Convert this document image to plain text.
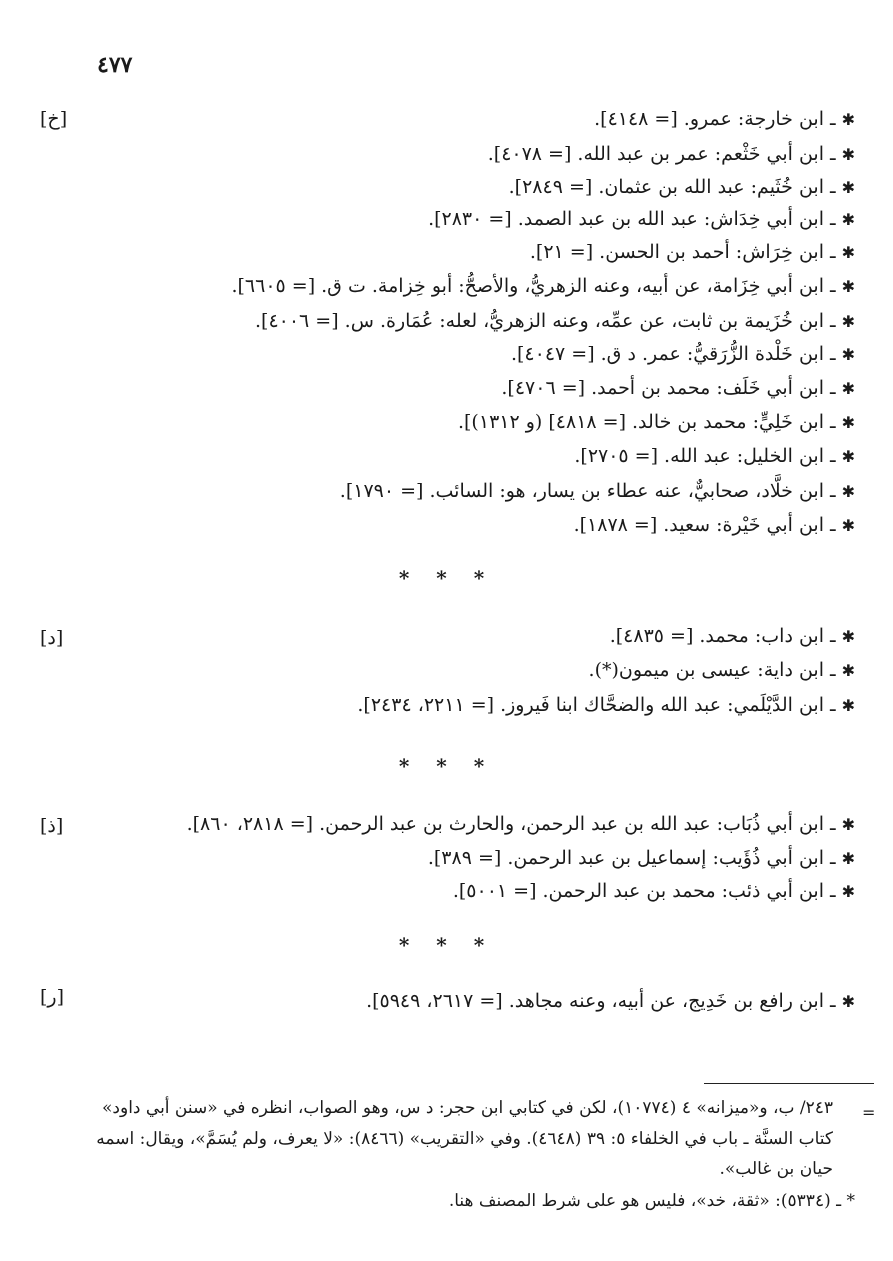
٤٧٧
[خ]	✱ـ ابن خارجة: عمرو. [= ٤١٤٨].
✱ـ ابن أبي خَثْعم: عمر بن عبد الله. [= ٤٠٧٨].
✱ـ ابن خُثَيم: عبد الله بن عثمان. [= ٢٨٤٩].
✱ـ ابن أبي خِدَاش: عبد الله بن عبد الصمد. [= ٢٨٣٠].
✱ـ ابن خِرَاش: أحمد بن الحسن. [= ٢١].
✱ـ ابن أبي خِزَامة، عن أبيه، وعنه الزهريُّ، والأصحُّ: أبو خِزامة. ت ق. [= ٦٦٠٥].
✱ـ ابن خُزَيمة بن ثابت، عن عمِّه، وعنه الزهريُّ، لعله: عُمَارة. س. [= ٤٠٠٦].
✱ـ ابن خَلْدة الزُّرَقيُّ: عمر. د ق. [= ٤٠٤٧].
✱ـ ابن أبي خَلَف: محمد بن أحمد. [= ٤٧٠٦].
✱ـ ابن خَلِيٍّ: محمد بن خالد. [= ٤٨١٨] (و ١٣١٢)].
✱ـ ابن الخليل: عبد الله. [= ٢٧٠٥].
✱ـ ابن خلَّاد، صحابيٌّ، عنه عطاء بن يسار، هو: السائب. [= ١٧٩٠].
✱ـ ابن أبي خَيْرة: سعيد. [= ١٨٧٨].
* * *
[د]	✱ـ ابن داب: محمد. [= ٤٨٣٥].
✱ـ ابن داية: عيسى بن ميمون(*).
✱ـ ابن الدَّيْلَمي: عبد الله والضحَّاك ابنا فَيروز. [= ٢٢١١، ٢٤٣٤].
* * *
[ذ]	✱ـ ابن أبي ذُبَاب: عبد الله بن عبد الرحمن، والحارث بن عبد الرحمن. [= ٢٨١٨، ٨٦٠].
✱ـ ابن أبي ذُؤَيب: إسماعيل بن عبد الرحمن. [= ٣٨٩].
✱ـ ابن أبي ذئب: محمد بن عبد الرحمن. [= ٥٠٠١].
* * *
[ر]	✱ـ ابن رافع بن خَدِيج، عن أبيه، وعنه مجاهد. [= ٢٦١٧، ٥٩٤٩].
=
٢٤٣/ ب، و«ميزانه» ٤ (١٠٧٧٤)، لكن في كتابي ابن حجر: د س، وهو الصواب، انظره في «سنن أبي داود»
كتاب السنَّة ـ باب في الخلفاء ٥: ٣٩ (٤٦٤٨). وفي «التقريب» (٨٤٦٦): «لا يعرف، ولم يُسَمَّ»، ويقال: اسمه
حيان بن غالب».
* ـ (٥٣٣٤): «ثقة، خد»، فليس هو على شرط المصنف هنا.
